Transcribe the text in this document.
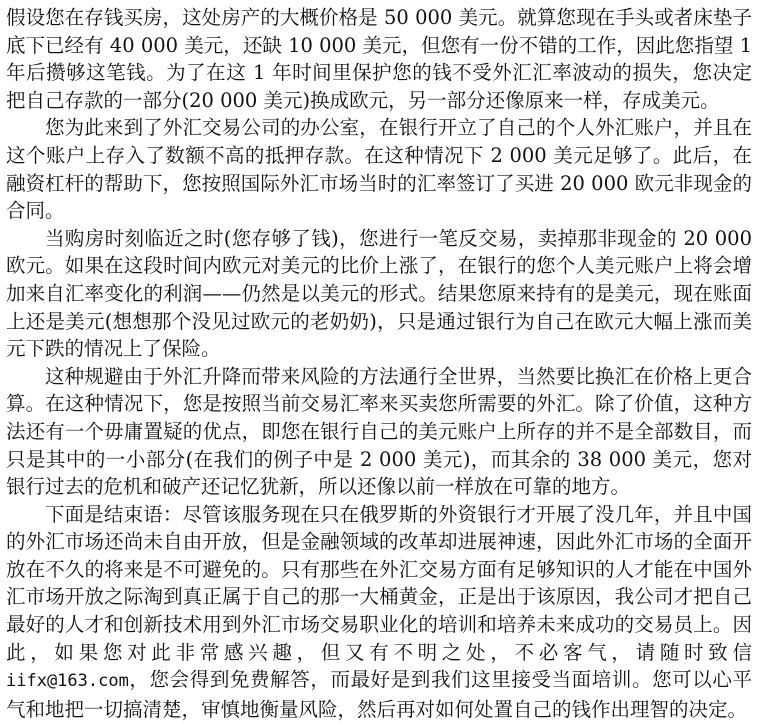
假设您在存钱买房，这处房产的大概价格是 50 000 美元。就算您现在手头或者床垫子底下已经有 40 000 美元，还缺 10 000 美元，但您有一份不错的工作，因此您指望 1 年后攒够这笔钱。为了在这 1 年时间里保护您的钱不受外汇汇率波动的损失，您决定把自己存款的一部分(20 000 美元)换成欧元，另一部分还像原来一样，存成美元。

您为此来到了外汇交易公司的办公室，在银行开立了自己的个人外汇账户，并且在这个账户上存入了数额不高的抵押存款。在这种情况下 2 000 美元足够了。此后，在融资杠杆的帮助下，您按照国际外汇市场当时的汇率签订了买进 20 000 欧元非现金的合同。

当购房时刻临近之时(您存够了钱)，您进行一笔反交易，卖掉那非现金的 20 000 欧元。如果在这段时间内欧元对美元的比价上涨了，在银行的您个人美元账户上将会增加来自汇率变化的利润——仍然是以美元的形式。结果您原来持有的是美元，现在账面上还是美元(想想那个没见过欧元的老奶奶)，只是通过银行为自己在欧元大幅上涨而美元下跌的情况上了保险。

这种规避由于外汇升降而带来风险的方法通行全世界，当然要比换汇在价格上更合算。在这种情况下，您是按照当前交易汇率来买卖您所需要的外汇。除了价值，这种方法还有一个毋庸置疑的优点，即您在银行自己的美元账户上所存的并不是全部数目，而只是其中的一小部分(在我们的例子中是 2 000 美元)，而其余的 38 000 美元，您对银行过去的危机和破产还记忆犹新，所以还像以前一样放在可靠的地方。

下面是结束语：尽管该服务现在只在俄罗斯的外资银行才开展了没几年，并且中国的外汇市场还尚未自由开放，但是金融领域的改革却进展神速，因此外汇市场的全面开放在不久的将来是不可避免的。只有那些在外汇交易方面有足够知识的人才能在中国外汇市场开放之际淘到真正属于自己的那一大桶黄金，正是出于该原因，我公司才把自己最好的人才和创新技术用到外汇市场交易职业化的培训和培养未来成功的交易员上。因此，如果您对此非常感兴趣，但又有不明之处，不必客气，请随时致信 iifx@163.com，您会得到免费解答，而最好是到我们这里接受当面培训。您可以心平气和地把一切搞清楚，审慎地衡量风险，然后再对如何处置自己的钱作出理智的决定。
